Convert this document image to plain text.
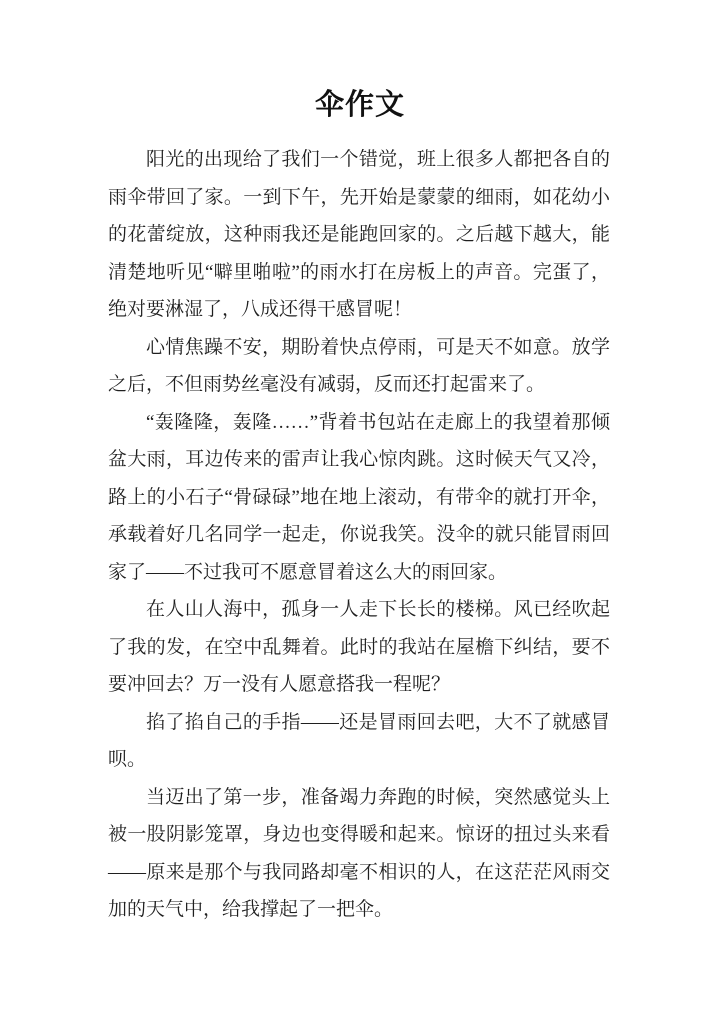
伞作文

阳光的出现给了我们一个错觉，班上很多人都把各自的雨伞带回了家。一到下午，先开始是蒙蒙的细雨，如花幼小的花蕾绽放，这种雨我还是能跑回家的。之后越下越大，能清楚地听见“噼里啪啦”的雨水打在房板上的声音。完蛋了，绝对要淋湿了，八成还得干感冒呢！

心情焦躁不安，期盼着快点停雨，可是天不如意。放学之后，不但雨势丝毫没有减弱，反而还打起雷来了。

“轰隆隆，轰隆……”背着书包站在走廊上的我望着那倾盆大雨，耳边传来的雷声让我心惊肉跳。这时候天气又冷，路上的小石子“骨碌碌”地在地上滚动，有带伞的就打开伞，承载着好几名同学一起走，你说我笑。没伞的就只能冒雨回家了——不过我可不愿意冒着这么大的雨回家。

在人山人海中，孤身一人走下长长的楼梯。风已经吹起了我的发，在空中乱舞着。此时的我站在屋檐下纠结，要不要冲回去？万一没有人愿意搭我一程呢？

掐了掐自己的手指——还是冒雨回去吧，大不了就感冒呗。

当迈出了第一步，准备竭力奔跑的时候，突然感觉头上被一股阴影笼罩，身边也变得暖和起来。惊讶的扭过头来看——原来是那个与我同路却毫不相识的人，在这茫茫风雨交加的天气中，给我撑起了一把伞。
